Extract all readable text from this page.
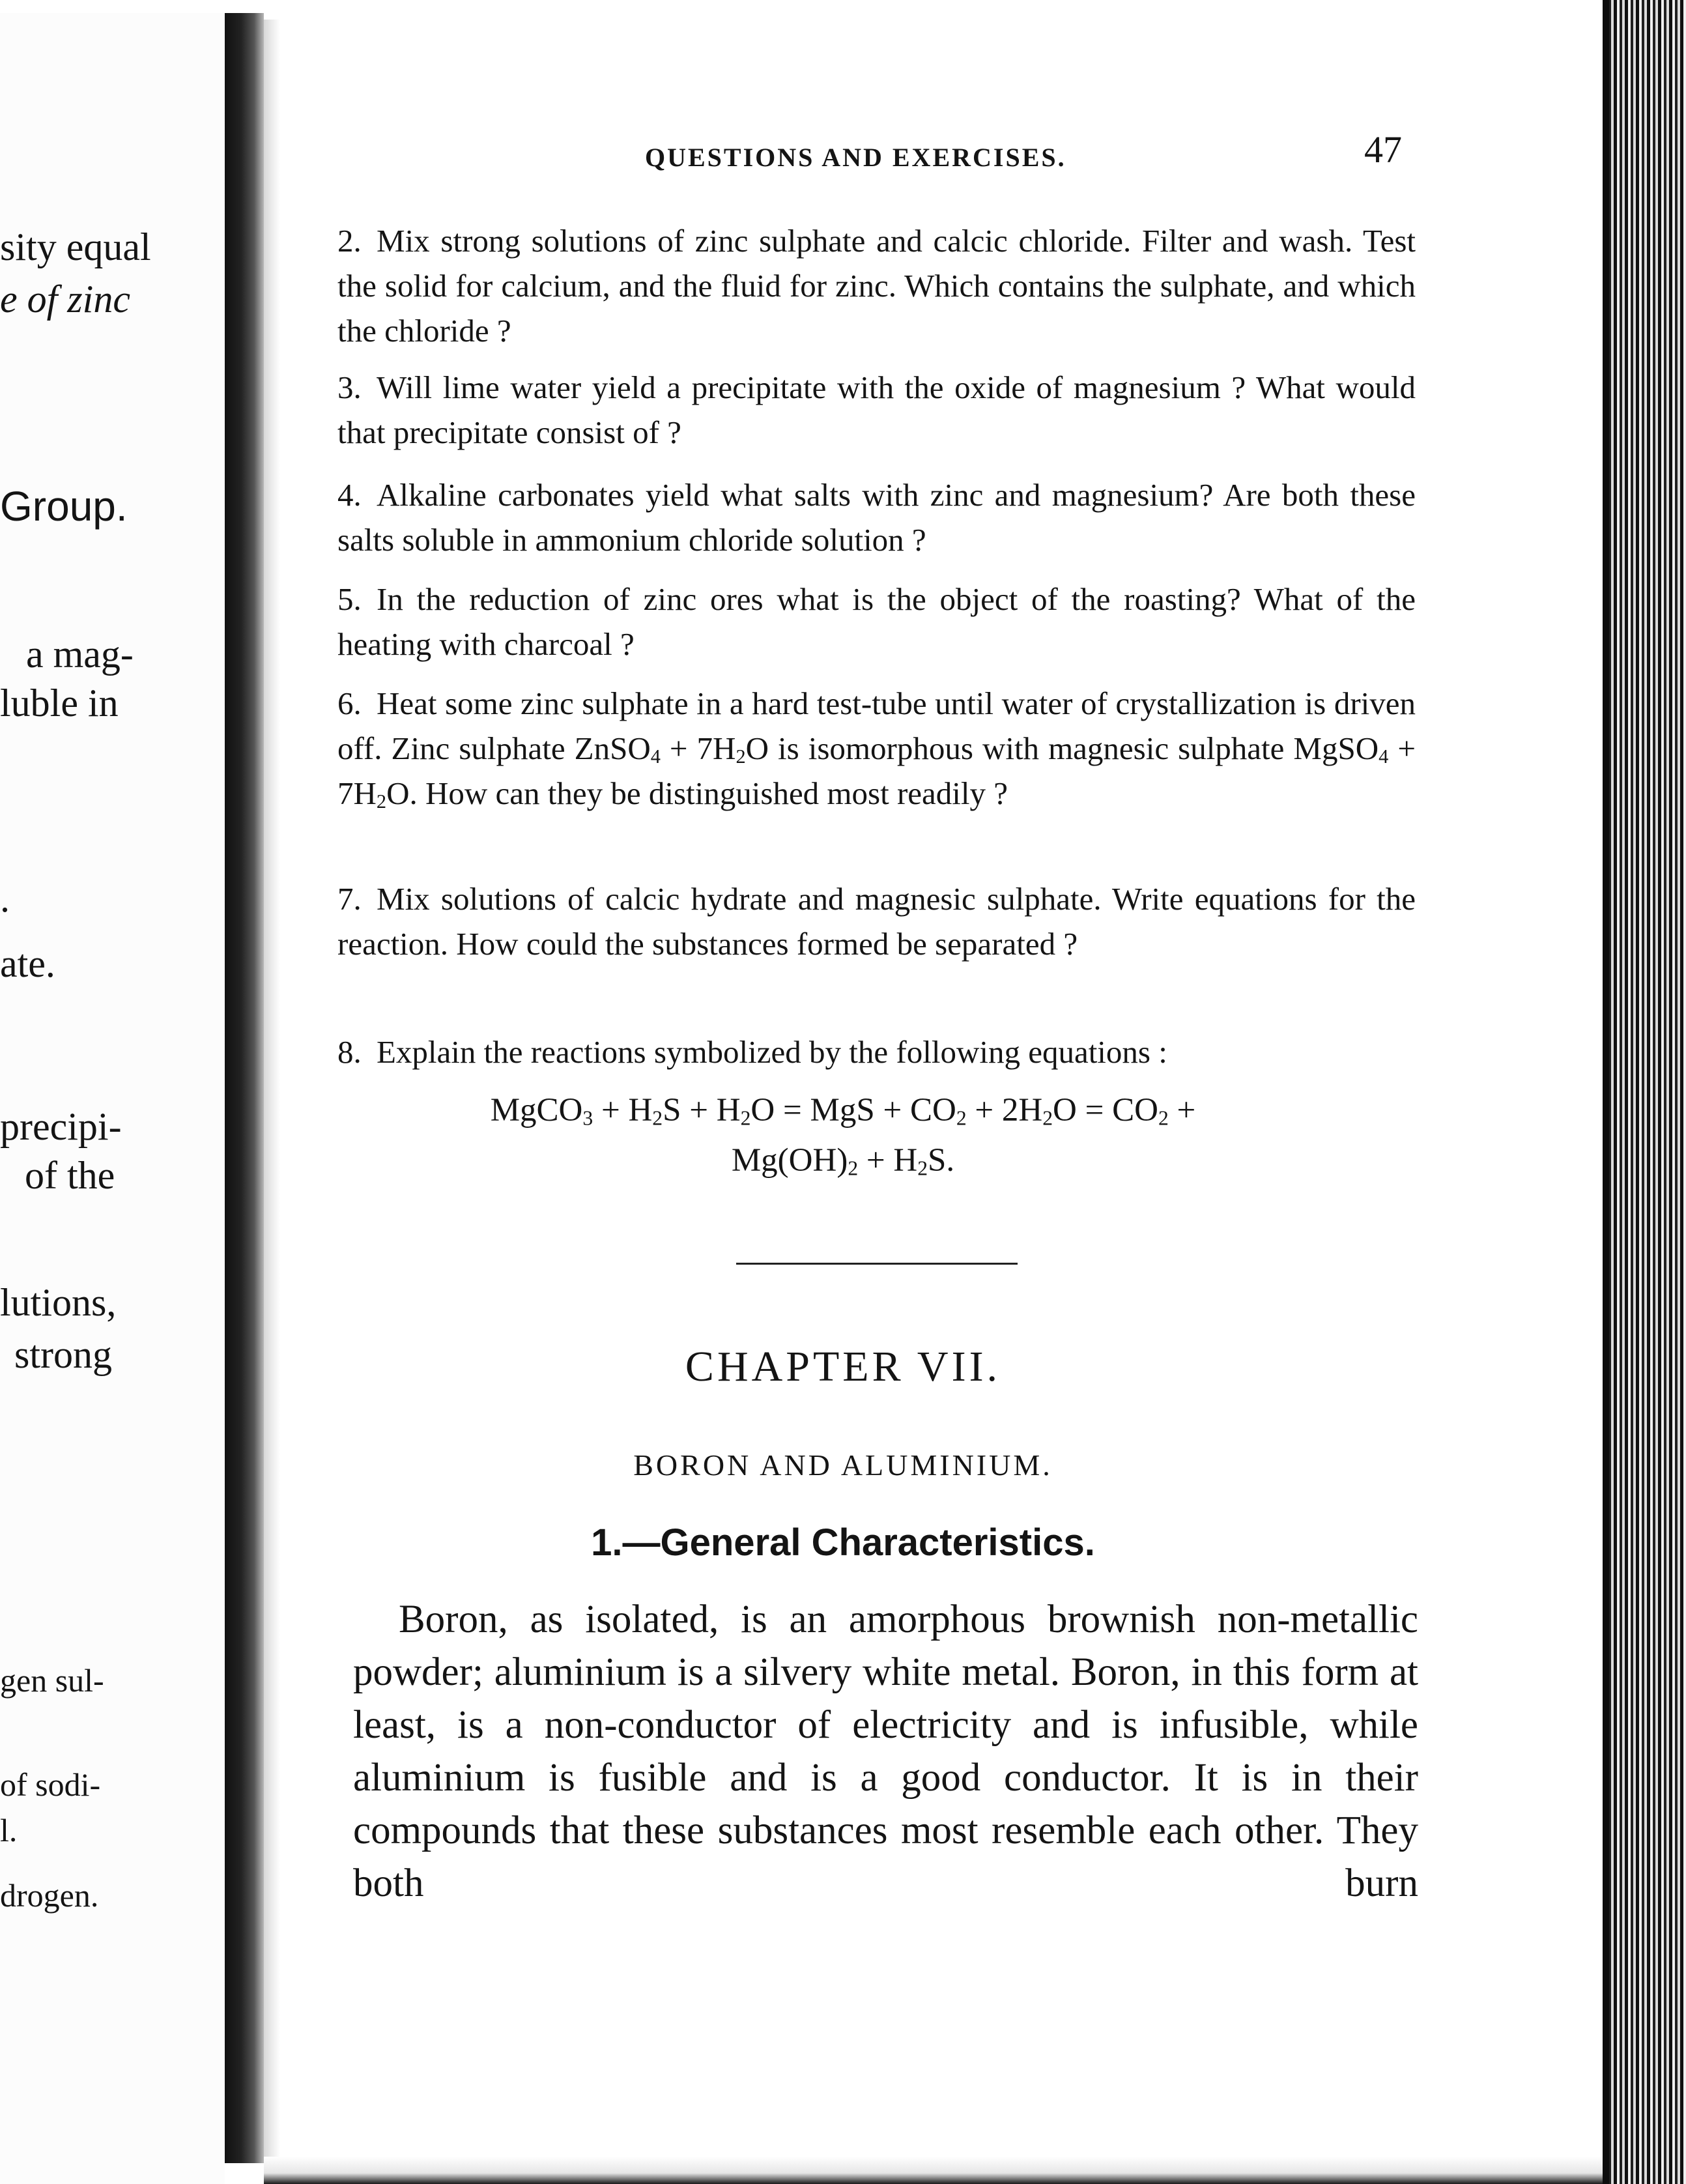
sity equal
e of zinc
Group.
a mag-
luble in
.
ate.
precipi-
of the
lutions,
strong
gen sul-
of sodi-
l.
drogen.
QUESTIONS AND EXERCISES.	47
2. Mix strong solutions of zinc sulphate and calcic chloride. Filter and wash. Test the solid for calcium, and the fluid for zinc. Which contains the sulphate, and which the chloride ?
3. Will lime water yield a precipitate with the oxide of magnesium ? What would that precipitate consist of ?
4. Alkaline carbonates yield what salts with zinc and magnesium? Are both these salts soluble in ammonium chloride solution ?
5. In the reduction of zinc ores what is the object of the roasting? What of the heating with charcoal ?
6. Heat some zinc sulphate in a hard test-tube until water of crystallization is driven off. Zinc sulphate ZnSO$_4$ + $7H_2O$ is isomorphous with magnesic sulphate MgSO$_4$ + $7H_2O$. How can they be distinguished most readily ?
7. Mix solutions of calcic hydrate and magnesic sulphate. Write equations for the reaction. How could the substances formed be separated ?
8. Explain the reactions symbolized by the following equations :
MgCO$_3$ + $H_2S + H_2O$ = MgS + $CO_2 + 2H_2O = CO_2$ +
$Mg(OH)_2 + H_2S$.
CHAPTER VII.
BORON AND ALUMINIUM.
1.—General Characteristics.
Boron, as isolated, is an amorphous brownish non-metallic powder; aluminium is a silvery white metal. Boron, in this form at least, is a non-conductor of electricity and is infusible, while aluminium is fusible and is a good conductor. It is in their compounds that these substances most resemble each other. They both burn
